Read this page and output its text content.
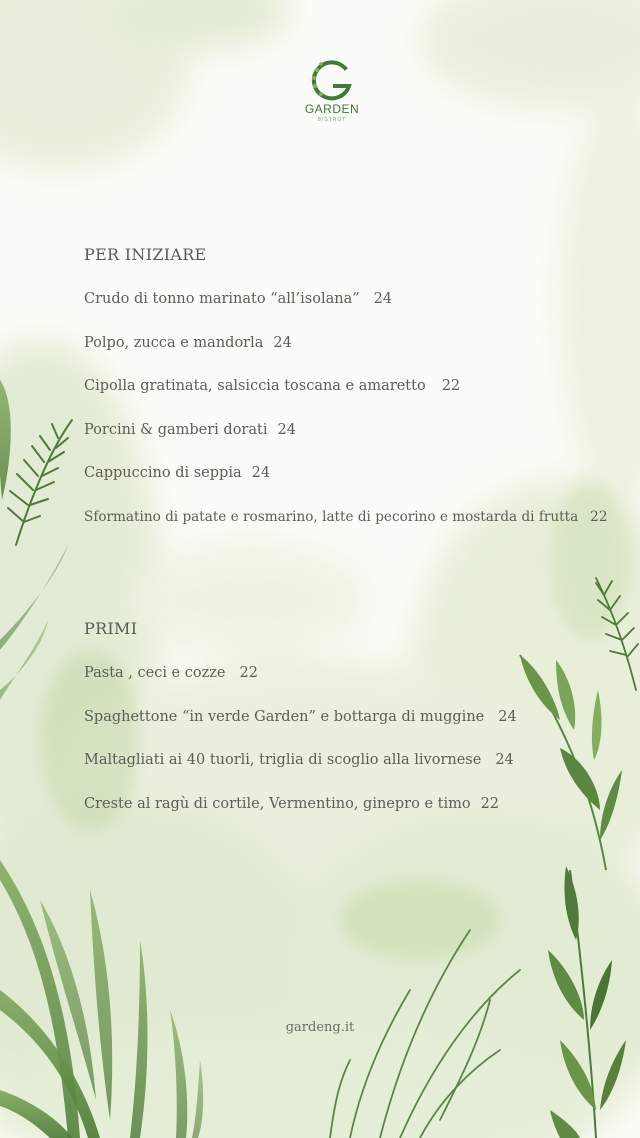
GARDEN
BISTROT
PER INIZIARE
Crudo di tonno marinato “all’isolana” 24
Polpo, zucca e mandorla 24
Cipolla gratinata, salsiccia toscana e amaretto 22
Porcini & gamberi dorati 24
Cappuccino di seppia 24
Sformatino di patate e rosmarino, latte di pecorino e mostarda di frutta 22
PRIMI
Pasta , ceci e cozze 22
Spaghettone “in verde Garden” e bottarga di muggine 24
Maltagliati ai 40 tuorli, triglia di scoglio alla livornese 24
Creste al ragù di cortile, Vermentino, ginepro e timo 22
gardeng.it
